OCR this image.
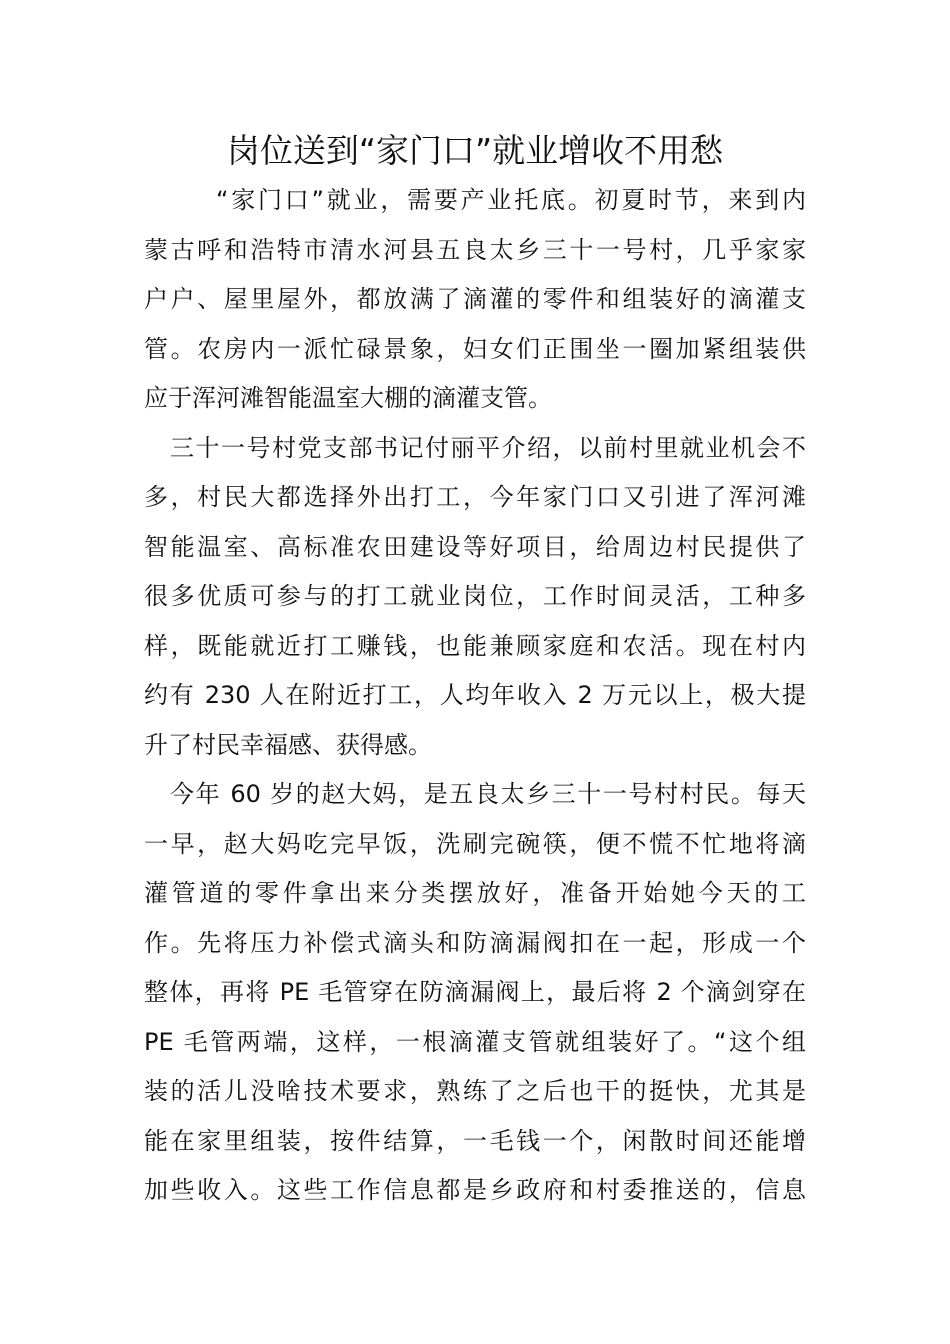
岗位送到“家门口”就业增收不用愁
“家门口”就业，需要产业托底。初夏时节，来到内
蒙古呼和浩特市清水河县五良太乡三十一号村，几乎家家
户户、屋里屋外，都放满了滴灌的零件和组装好的滴灌支
管。农房内一派忙碌景象，妇女们正围坐一圈加紧组装供
应于浑河滩智能温室大棚的滴灌支管。
三十一号村党支部书记付丽平介绍，以前村里就业机会不
多，村民大都选择外出打工，今年家门口又引进了浑河滩
智能温室、高标准农田建设等好项目，给周边村民提供了
很多优质可参与的打工就业岗位，工作时间灵活，工种多
样，既能就近打工赚钱，也能兼顾家庭和农活。现在村内
约有 230 人在附近打工，人均年收入 2 万元以上，极大提
升了村民幸福感、获得感。
今年 60 岁的赵大妈，是五良太乡三十一号村村民。每天
一早，赵大妈吃完早饭，洗刷完碗筷，便不慌不忙地将滴
灌管道的零件拿出来分类摆放好，准备开始她今天的工
作。先将压力补偿式滴头和防滴漏阀扣在一起，形成一个
整体，再将 PE 毛管穿在防滴漏阀上，最后将 2 个滴剑穿在
PE 毛管两端，这样，一根滴灌支管就组装好了。“这个组
装的活儿没啥技术要求，熟练了之后也干的挺快，尤其是
能在家里组装，按件结算，一毛钱一个，闲散时间还能增
加些收入。这些工作信息都是乡政府和村委推送的，信息
